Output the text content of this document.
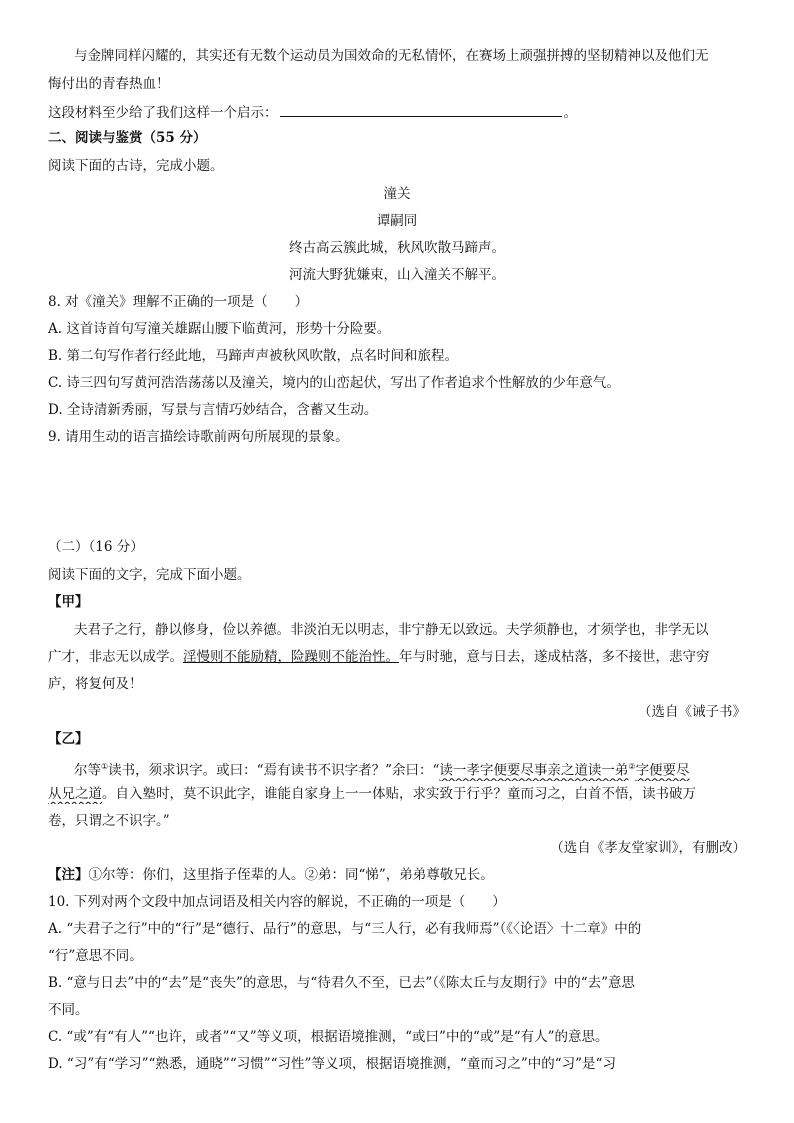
与金牌同样闪耀的，其实还有无数个运动员为国效命的无私情怀，在赛场上顽强拼搏的坚韧精神以及他们无
悔付出的青春热血！
这段材料至少给了我们这样一个启示：	。
二、阅读与鉴赏（55 分）
阅读下面的古诗，完成小题。
潼关
谭嗣同
终古高云簇此城，秋风吹散马蹄声。
河流大野犹嫌束，山入潼关不解平。
8. 对《潼关》理解不正确的一项是（　　）
A. 这首诗首句写潼关雄踞山腰下临黄河，形势十分险要。
B. 第二句写作者行经此地，马蹄声声被秋风吹散，点名时间和旅程。
C. 诗三四句写黄河浩浩荡荡以及潼关，境内的山峦起伏，写出了作者追求个性解放的少年意气。
D. 全诗清新秀丽，写景与言情巧妙结合，含蓄又生动。
9. 请用生动的语言描绘诗歌前两句所展现的景象。
（二）（16 分）
阅读下面的文字，完成下面小题。
【甲】
夫君子之行，静以修身，俭以养德。非淡泊无以明志，非宁静无以致远。夫学须静也，才须学也，非学无以
广才，非志无以成学。淫慢则不能励精，险躁则不能治性。年与时驰，意与日去，遂成枯落，多不接世，悲守穷
庐，将复何及！
（选自《诫子书》
【乙】
尔等①读书，须求识字。或曰：“焉有读书不识字者？”余曰：“读一孝字便要尽事亲之道读一弟②字便要尽
从兄之道。自入塾时，莫不识此字，谁能自家身上一一体贴，求实致于行乎？童而习之，白首不悟，读书破万
卷，只谓之不识字。”
（选自《孝友堂家训》，有删改）
【注】①尔等：你们，这里指子侄辈的人。②弟：同“悌”，弟弟尊敬兄长。
10. 下列对两个文段中加点词语及相关内容的解说，不正确的一项是（　　）
A. “夫君子之行”中的“行”是“德行、品行”的意思，与“三人行，必有我师焉”（《〈论语〉十二章》中的
“行”意思不同。
B. “意与日去”中的“去”是“丧失”的意思，与“待君久不至，已去”（《陈太丘与友期行》中的“去”意思
不同。
C. “或”有“有人”“也许，或者”“又”等义项，根据语境推测，“或曰”中的“或”是“有人”的意思。
D. “习”有“学习”“熟悉，通晓”“习惯”“习性”等义项，根据语境推测，“童而习之”中的“习”是“习
